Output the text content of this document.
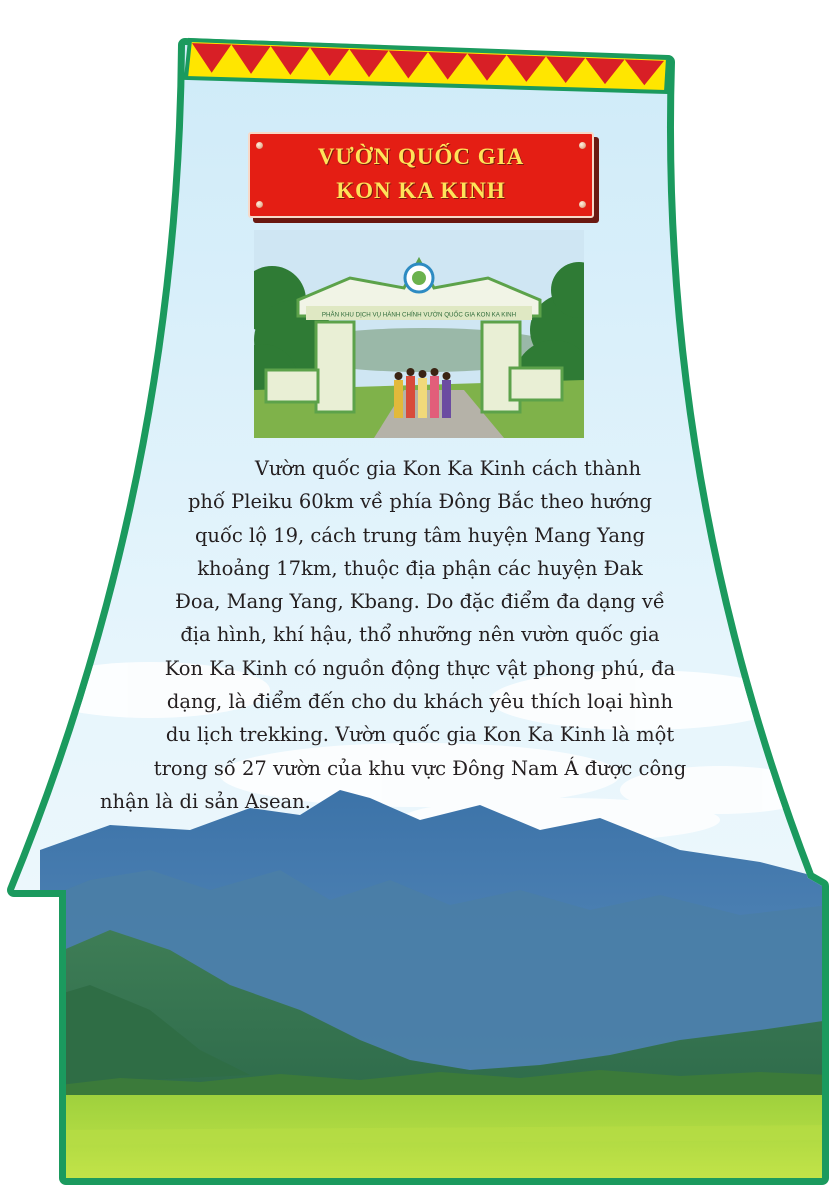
VƯỜN QUỐC GIA
KON KA KINH
PHÂN KHU DỊCH VỤ HÀNH CHÍNH VƯỜN QUỐC GIA KON KA KINH
Vườn quốc gia Kon Ka Kinh cách thành
phố Pleiku 60km về phía Đông Bắc theo hướng
quốc lộ 19, cách trung tâm huyện Mang Yang
khoảng 17km, thuộc địa phận các huyện Đak
Đoa, Mang Yang, Kbang. Do đặc điểm đa dạng về
địa hình, khí hậu, thổ nhưỡng nên vườn quốc gia
Kon Ka Kinh có nguồn động thực vật phong phú, đa
dạng, là điểm đến cho du khách yêu thích loại hình
du lịch trekking. Vườn quốc gia Kon Ka Kinh là một
trong số 27 vườn của khu vực Đông Nam Á được công
nhận là di sản Asean.
